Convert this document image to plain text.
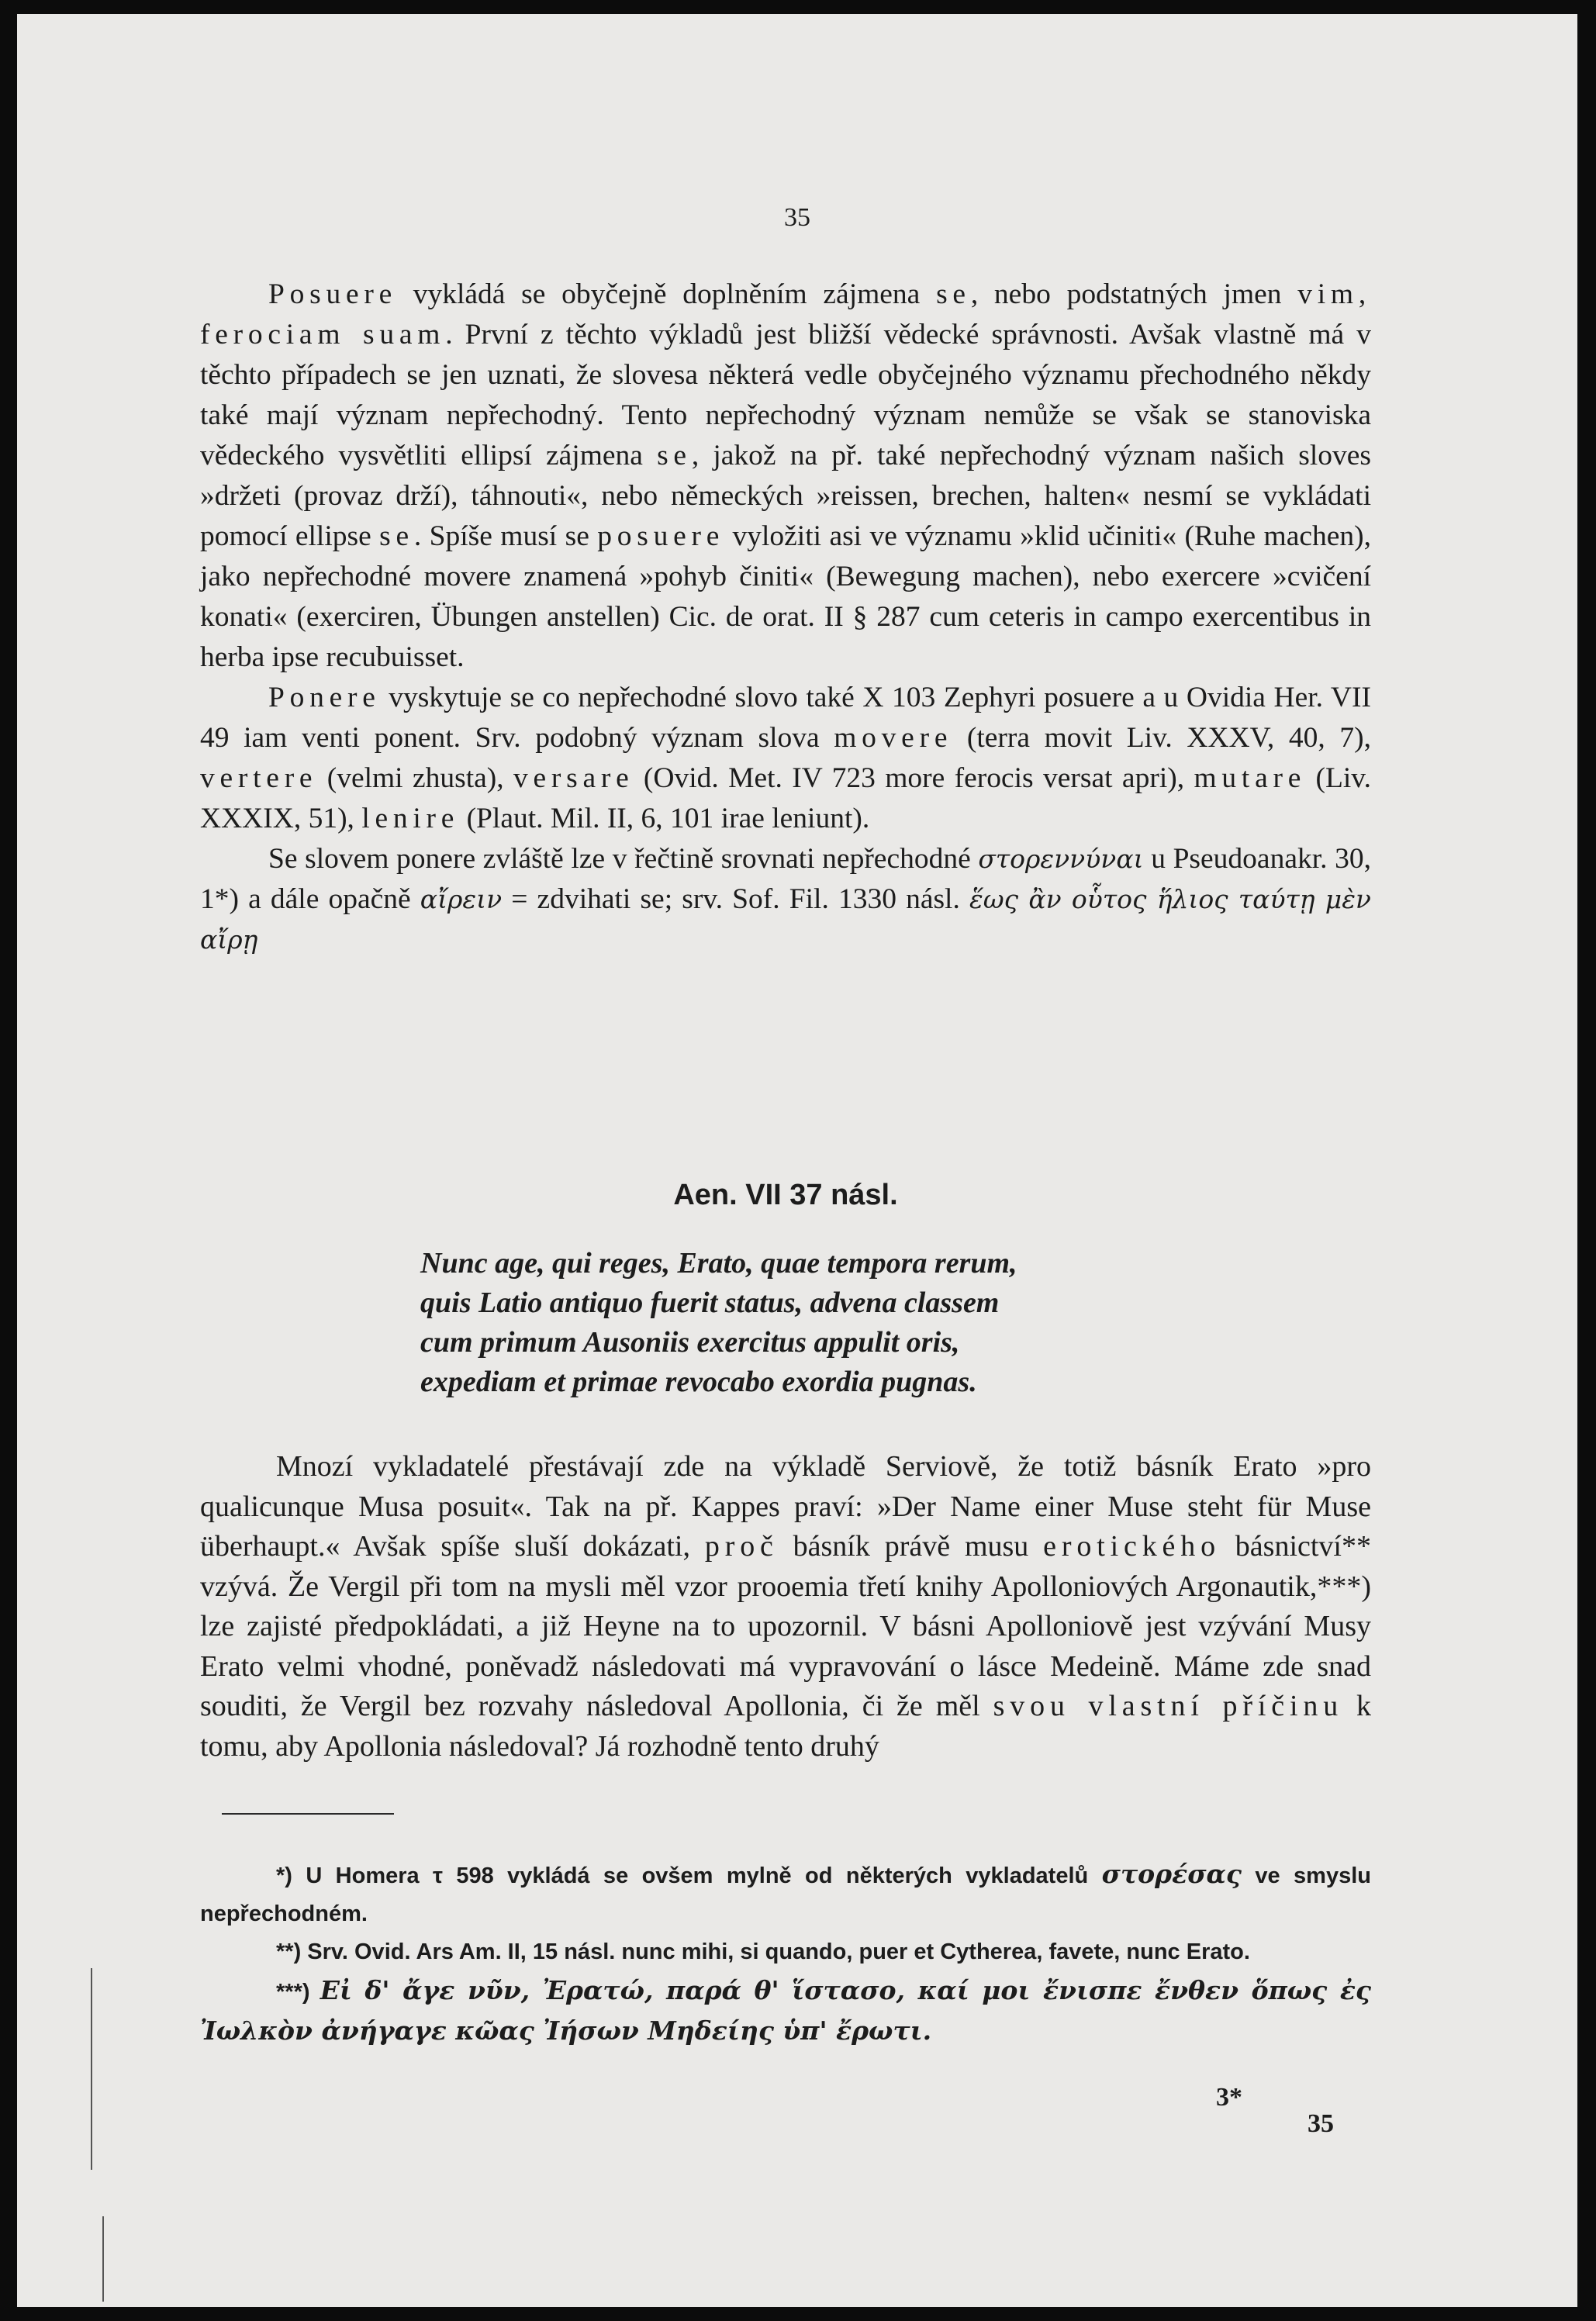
35

Posuere vykládá se obyčejně doplněním zájmena se, nebo podstatných jmen vim, ferociam suam. První z těchto výkladů jest bližší vědecké správnosti. Avšak vlastně má v těchto případech se jen uznati, že slovesa některá vedle obyčejného významu přechodného někdy také mají význam nepřechodný. Tento nepřechodný význam nemůže se však se stanoviska vědeckého vysvětliti ellipsí zájmena se, jakož na př. také nepřechodný význam našich sloves »držeti (provaz drží), táhnouti«, nebo německých »reissen, brechen, halten« nesmí se vykládati pomocí ellipse se. Spíše musí se posuere vyložiti asi ve významu »klid učiniti« (Ruhe machen), jako nepřechodné movere znamená »pohyb činiti« (Bewegung machen), nebo exercere »cvičení konati« (exerciren, Übungen anstellen) Cic. de orat. II § 287 cum ceteris in campo exercentibus in herba ipse recubuisset.

Ponere vyskytuje se co nepřechodné slovo také X 103 Zephyri posuere a u Ovidia Her. VII 49 iam venti ponent. Srv. podobný význam slova movere (terra movit Liv. XXXV, 40, 7), vertere (velmi zhusta), versare (Ovid. Met. IV 723 more ferocis versat apri), mutare (Liv. XXXIX, 51), lenire (Plaut. Mil. II, 6, 101 irae leniunt).

Se slovem ponere zvláště lze v řečtině srovnati nepřechodné στορεννύναι u Pseudoanakr. 30, 1*) a dále opačně αἴρειν = zdvihati se; srv. Sof. Fil. 1330 násl. ἕως ἂν οὗτος ἥλιος ταύτῃ μὲν αἴρῃ

Aen. VII 37 násl.
Nunc age, qui reges, Erato, quae tempora rerum,
quis Latio antiquo fuerit status, advena classem
cum primum Ausoniis exercitus appulit oris,
expediam et primae revocabo exordia pugnas.

Mnozí vykladatelé přestávají zde na výkladě Serviově, že totiž básník Erato »pro qualicunque Musa posuit«. Tak na př. Kappes praví: »Der Name einer Muse steht für Muse überhaupt.« Avšak spíše sluší dokázati, proč básník právě musu erotického básnictví** vzývá. Že Vergil při tom na mysli měl vzor prooemia třetí knihy Apolloniových Argonautik,***) lze zajisté předpokládati, a již Heyne na to upozornil. V básni Apolloniově jest vzývání Musy Erato velmi vhodné, poněvadž následovati má vypravování o lásce Medeině. Máme zde snad souditi, že Vergil bez rozvahy následoval Apollonia, či že měl svou vlastní příčinu k tomu, aby Apollonia následoval? Já rozhodně tento druhý

*) U Homera τ 598 vykládá se ovšem mylně od některých vykladatelů στορέσας ve smyslu nepřechodném.

**) Srv. Ovid. Ars Am. II, 15 násl. nunc mihi, si quando, puer et Cytherea, favete, nunc Erato.

***) Εἰ δ' ἄγε νῦν, Ἐρατώ, παρά θ' ἵστασο, καί μοι ἔνισπε ἔνθεν ὅπως ἐς Ἰωλκὸν ἀνήγαγε κῶας Ἰήσων Μηδείης ὑπ' ἔρωτι.

3*
35
